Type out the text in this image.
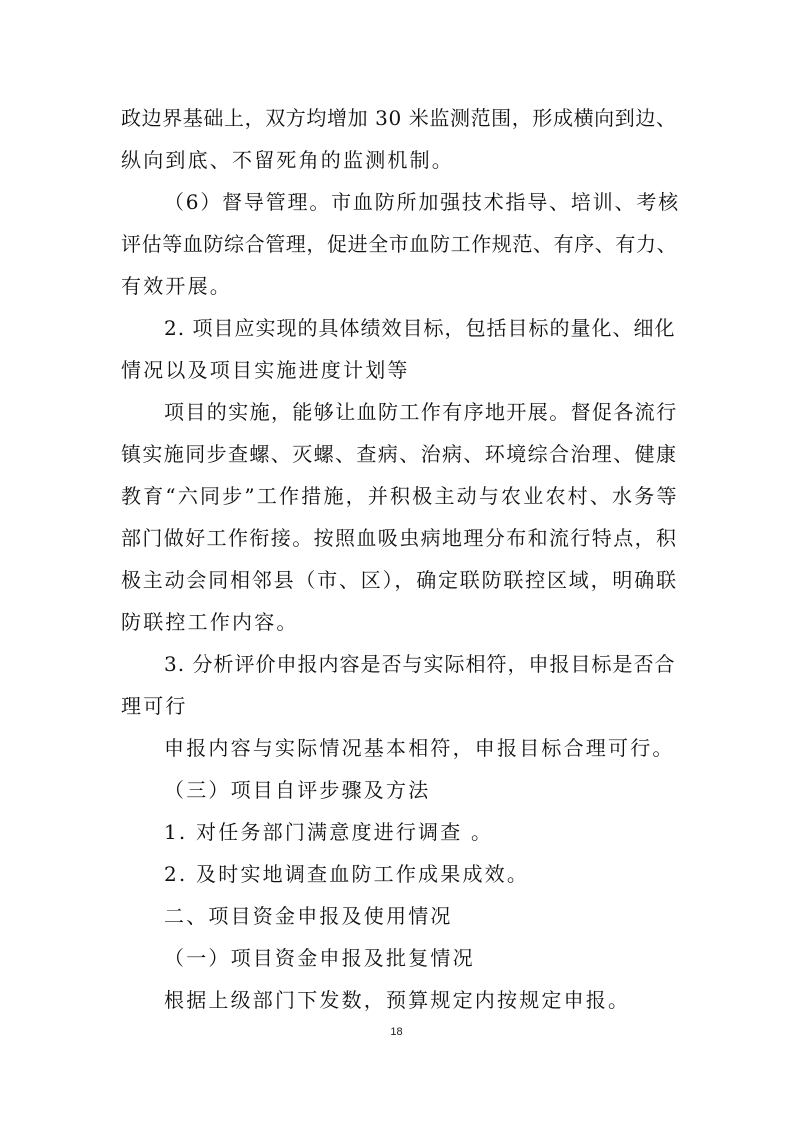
政边界基础上，双方均增加 30 米监测范围，形成横向到边、

纵向到底、不留死角的监测机制。

（6）督导管理。市血防所加强技术指导、培训、考核

评估等血防综合管理，促进全市血防工作规范、有序、有力、

有效开展。

2. 项目应实现的具体绩效目标，包括目标的量化、细化

情况以及项目实施进度计划等

项目的实施，能够让血防工作有序地开展。督促各流行

镇实施同步查螺、灭螺、查病、治病、环境综合治理、健康

教育“六同步”工作措施，并积极主动与农业农村、水务等

部门做好工作衔接。按照血吸虫病地理分布和流行特点，积

极主动会同相邻县（市、区），确定联防联控区域，明确联

防联控工作内容。

3. 分析评价申报内容是否与实际相符，申报目标是否合

理可行

申报内容与实际情况基本相符，申报目标合理可行。

（三）项目自评步骤及方法

1. 对任务部门满意度进行调查 。

2. 及时实地调查血防工作成果成效。

二、项目资金申报及使用情况

（一）项目资金申报及批复情况

根据上级部门下发数，预算规定内按规定申报。

18
